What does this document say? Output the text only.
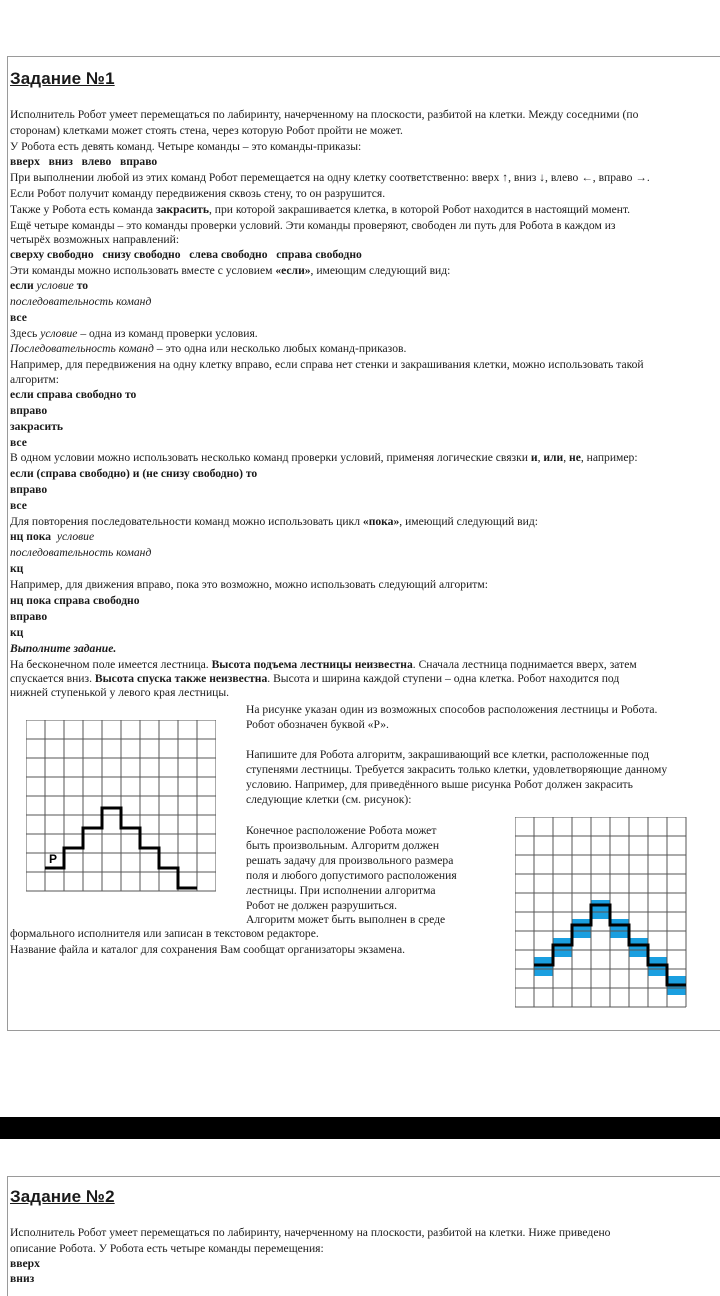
Задание №1
Исполнитель Робот умеет перемещаться по лабиринту, начерченному на плоскости, разбитой на клетки. Между соседними (по
сторонам) клетками может стоять стена, через которую Робот пройти не может.
У Робота есть девять команд. Четыре команды – это команды-приказы:
вверх   вниз   влево   вправо
При выполнении любой из этих команд Робот перемещается на одну клетку соответственно: вверх ↑, вниз ↓, влево ←, вправо →.
Если Робот получит команду передвижения сквозь стену, то он разрушится.
Также у Робота есть команда закрасить, при которой закрашивается клетка, в которой Робот находится в настоящий момент.
Ещё четыре команды – это команды проверки условий. Эти команды проверяют, свободен ли путь для Робота в каждом из
четырёх возможных направлений:
сверху свободно   снизу свободно   слева свободно   справа свободно
Эти команды можно использовать вместе с условием «если», имеющим следующий вид:
если условие то
последовательность команд
все
Здесь условие – одна из команд проверки условия.
Последовательность команд – это одна или несколько любых команд-приказов.
Например, для передвижения на одну клетку вправо, если справа нет стенки и закрашивания клетки, можно использовать такой
алгоритм:
если справа свободно то
вправо
закрасить
все
В одном условии можно использовать несколько команд проверки условий, применяя логические связки и, или, не, например:
если (справа свободно) и (не снизу свободно) то
вправо
все
Для повторения последовательности команд можно использовать цикл «пока», имеющий следующий вид:
нц пока  условие
последовательность команд
кц
Например, для движения вправо, пока это возможно, можно использовать следующий алгоритм:
нц пока справа свободно
вправо
кц
Выполните задание.
На бесконечном поле имеется лестница. Высота подъема лестницы неизвестна. Сначала лестница поднимается вверх, затем
спускается вниз. Высота спуска также неизвестна. Высота и ширина каждой ступени – одна клетка. Робот находится под
нижней ступенькой у левого края лестницы.
На рисунке указан один из возможных способов расположения лестницы и Робота.
Робот обозначен буквой «Р».
Напишите для Робота алгоритм, закрашивающий все клетки, расположенные под
ступенями лестницы. Требуется закрасить только клетки, удовлетворяющие данному
условию. Например, для приведённого выше рисунка Робот должен закрасить
следующие клетки (см. рисунок):
Конечное расположение Робота может
быть произвольным. Алгоритм должен
решать задачу для произвольного размера
поля и любого допустимого расположения
лестницы. При исполнении алгоритма
Робот не должен разрушиться.
Алгоритм может быть выполнен в среде
формального исполнителя или записан в текстовом редакторе.
Название файла и каталог для сохранения Вам сообщат организаторы экзамена.
Р
Задание №2
Исполнитель Робот умеет перемещаться по лабиринту, начерченному на плоскости, разбитой на клетки. Ниже приведено
описание Робота. У Робота есть четыре команды перемещения:
вверх
вниз
